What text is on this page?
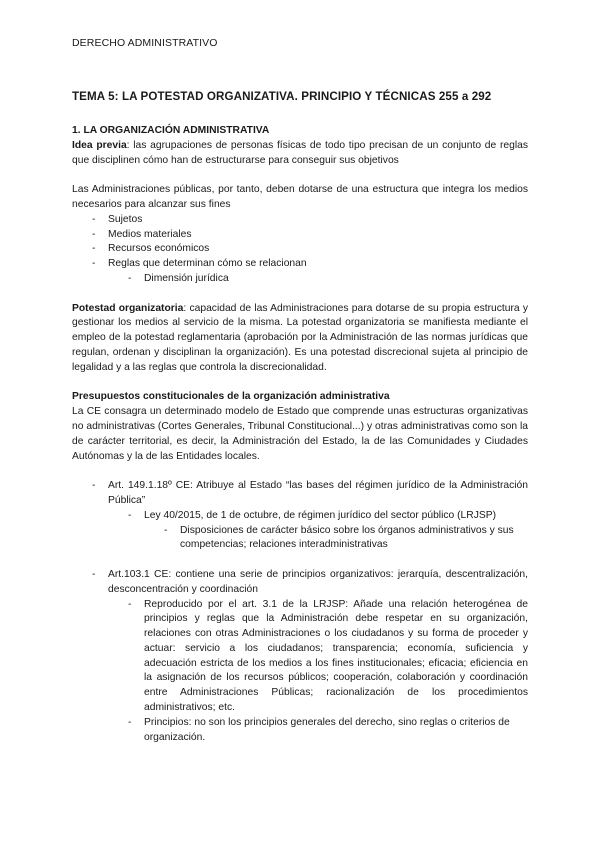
DERECHO ADMINISTRATIVO
TEMA 5: LA POTESTAD ORGANIZATIVA. PRINCIPIO Y TÉCNICAS 255 a 292

1. LA ORGANIZACIÓN ADMINISTRATIVA

Idea previa: las agrupaciones de personas físicas de todo tipo precisan de un conjunto de reglas que disciplinen cómo han de estructurarse para conseguir sus objetivos

Las Administraciones públicas, por tanto, deben dotarse de una estructura que integra los medios necesarios para alcanzar sus fines

- Sujetos
- Medios materiales
- Recursos económicos
- Reglas que determinan cómo se relacionan
- Dimensión jurídica

Potestad organizatoria: capacidad de las Administraciones para dotarse de su propia estructura y gestionar los medios al servicio de la misma. La potestad organizatoria se manifiesta mediante el empleo de la potestad reglamentaria (aprobación por la Administración de las normas jurídicas que regulan, ordenan y disciplinan la organización). Es una potestad discrecional sujeta al principio de legalidad y a las reglas que controla la discrecionalidad.

Presupuestos constitucionales de la organización administrativa

La CE consagra un determinado modelo de Estado que comprende unas estructuras organizativas no administrativas (Cortes Generales, Tribunal Constitucional...) y otras administrativas como son la de carácter territorial, es decir, la Administración del Estado, la de las Comunidades y Ciudades Autónomas y la de las Entidades locales.

- Art. 149.1.18º CE: Atribuye al Estado “las bases del régimen jurídico de la Administración Pública”
- Ley 40/2015, de 1 de octubre, de régimen jurídico del sector público (LRJSP)
- Disposiciones de carácter básico sobre los órganos administrativos y sus competencias; relaciones interadministrativas
- Art.103.1 CE: contiene una serie de principios organizativos: jerarquía, descentralización, desconcentración y coordinación
- Reproducido por el art. 3.1 de la LRJSP: Añade una relación heterogénea de principios y reglas que la Administración debe respetar en su organización, relaciones con otras Administraciones o los ciudadanos y su forma de proceder y actuar: servicio a los ciudadanos; transparencia; economía, suficiencia y adecuación estricta de los medios a los fines institucionales; eficacia; eficiencia en la asignación de los recursos públicos; cooperación, colaboración y coordinación entre Administraciones Públicas; racionalización de los procedimientos administrativos; etc.
- Principios: no son los principios generales del derecho, sino reglas o criterios de organización.
